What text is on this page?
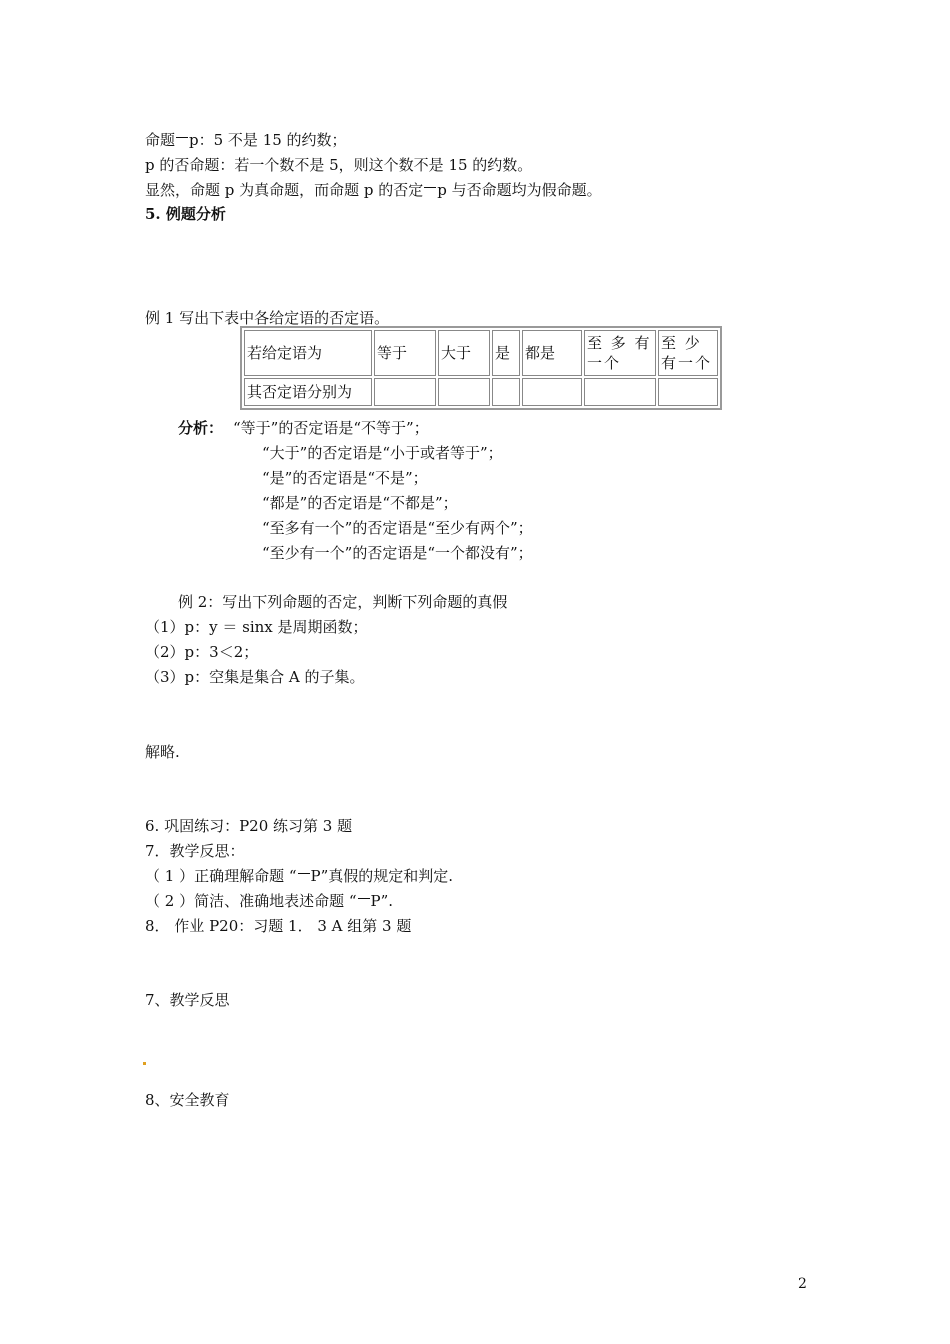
命题 p：5 不是 15 的约数；
p 的否命题：若一个数不是 5，则这个数不是 15 的约数。
显然，命题 p 为真命题，而命题 p 的否定 p 与否命题均为假命题。
5. 例题分析
例 1 写出下表中各给定语的否定语。
若给定语为	等于	大于	是	都是	至 多 有 一个	至 少 有一个
其否定语分别为						
分析： “等于”的否定语是“不等于”；
“大于”的否定语是“小于或者等于”；
“是”的否定语是“不是”；
“都是”的否定语是“不都是”；
“至多有一个”的否定语是“至少有两个”；
“至少有一个”的否定语是“一个都没有”；
例 2：写出下列命题的否定，判断下列命题的真假
（1）p：y ＝ sinx 是周期函数；
（2）p：3＜2；
（3）p：空集是集合 A 的子集。
解略.
6. 巩固练习：P20 练习第 3 题
7．教学反思：
（ 1 ）正确理解命题 “ P”真假的规定和判定.
（ 2 ）简洁、准确地表述命题 “ P”.
8． 作业 P20：习题 1． 3 A 组第 3 题
7、教学反思
8、安全教育
2
